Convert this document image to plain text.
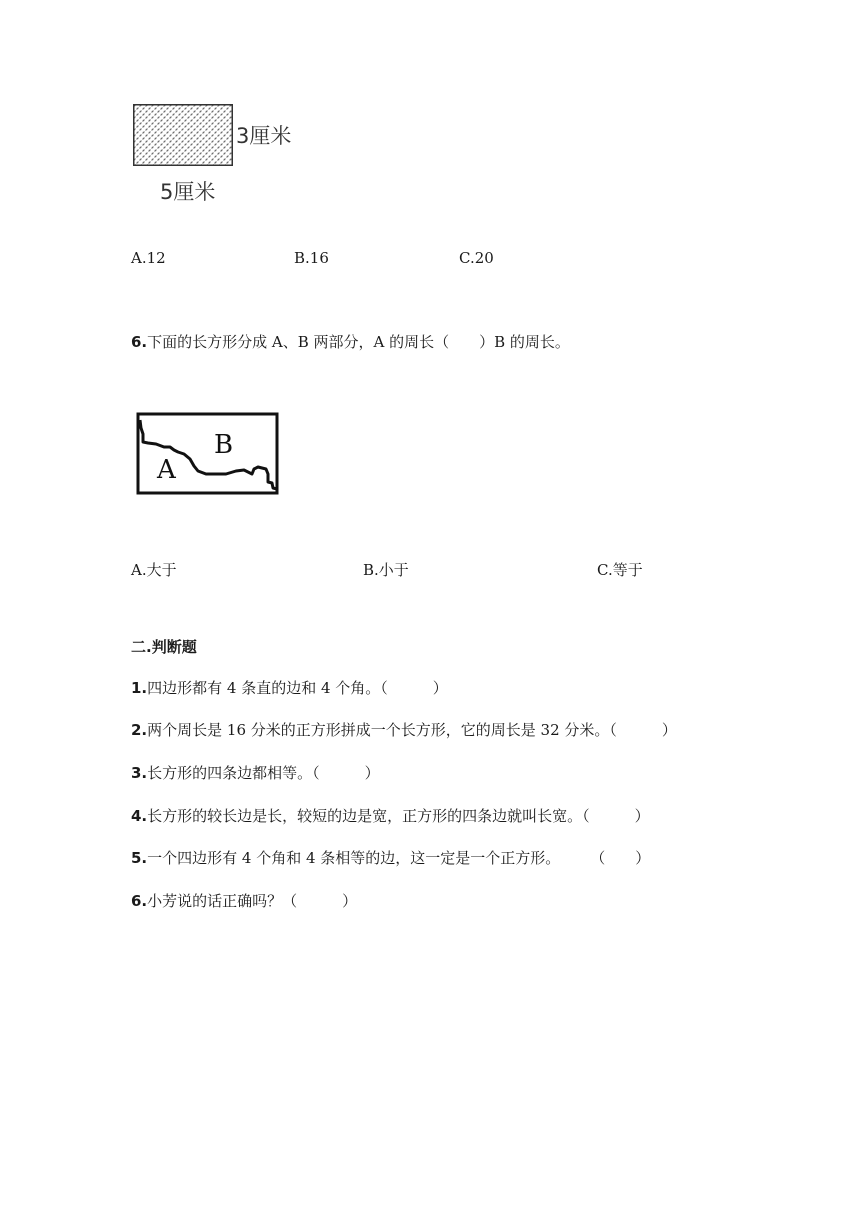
3厘米
5厘米
A.12	B.16	C.20
6.下面的长方形分成 A、B 两部分，A 的周长（　　）B 的周长。
A
B
A.大于	B.小于	C.等于
二.判断题
1.四边形都有 4 条直的边和 4 个角。（　　　）
2.两个周长是 16 分米的正方形拼成一个长方形，它的周长是 32 分米。（　　　）
3.长方形的四条边都相等。（　　　）
4.长方形的较长边是长，较短的边是宽，正方形的四条边就叫长宽。（　　　）
5.一个四边形有 4 个角和 4 条相等的边，这一定是一个正方形。　　　（　　）
6.小芳说的话正确吗？（　　　）
